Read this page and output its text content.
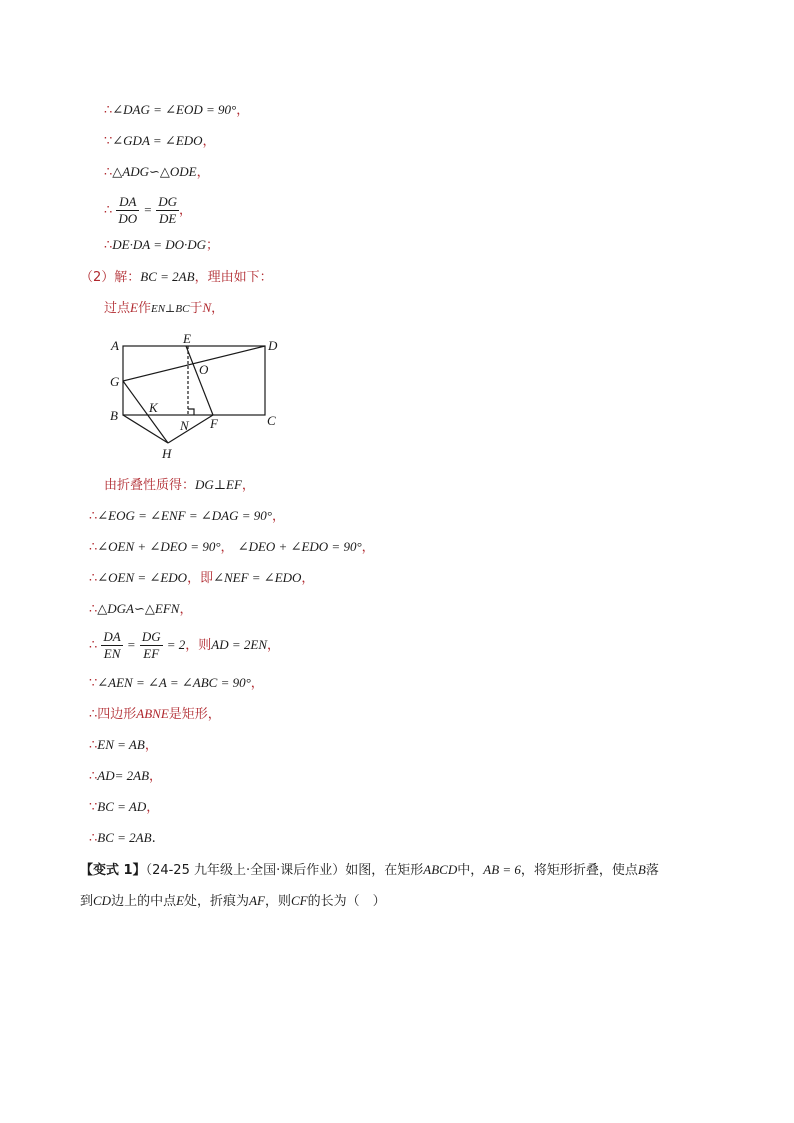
∴∠DAG = ∠EOD = 90°，
∵∠GDA = ∠EDO，
∴△ADG∽△ODE，
∴ $\frac{DA}{DO} = \frac{DG}{DE}$ ，
∴DE·DA = DO·DG；
（2）解：BC = 2AB，理由如下：
过点E作EN⊥BC于N，
A	E	D
O
G
B
K
N F	C
H
由折叠性质得：DG⊥EF，
∴∠EOG = ∠ENF = ∠DAG = 90°，
∴∠OEN + ∠DEO = 90°， ∠DEO + ∠EDO = 90°，
∴∠OEN = ∠EDO，即∠NEF = ∠EDO，
∴△DGA∽△EFN，
∴ $\frac{DA}{EN} = \frac{DG}{EF} = 2$，则AD = 2EN，
∵∠AEN = ∠A = ∠ABC = 90°，
∴四边形ABNE是矩形，
∴EN = AB，
∴AD= 2AB，
∵BC = AD，
∴BC = 2AB.
【变式 1】（24-25 九年级上·全国·课后作业）如图，在矩形ABCD中，AB = 6，将矩形折叠，使点B落
到CD边上的中点E处，折痕为AF，则CF的长为（　）
